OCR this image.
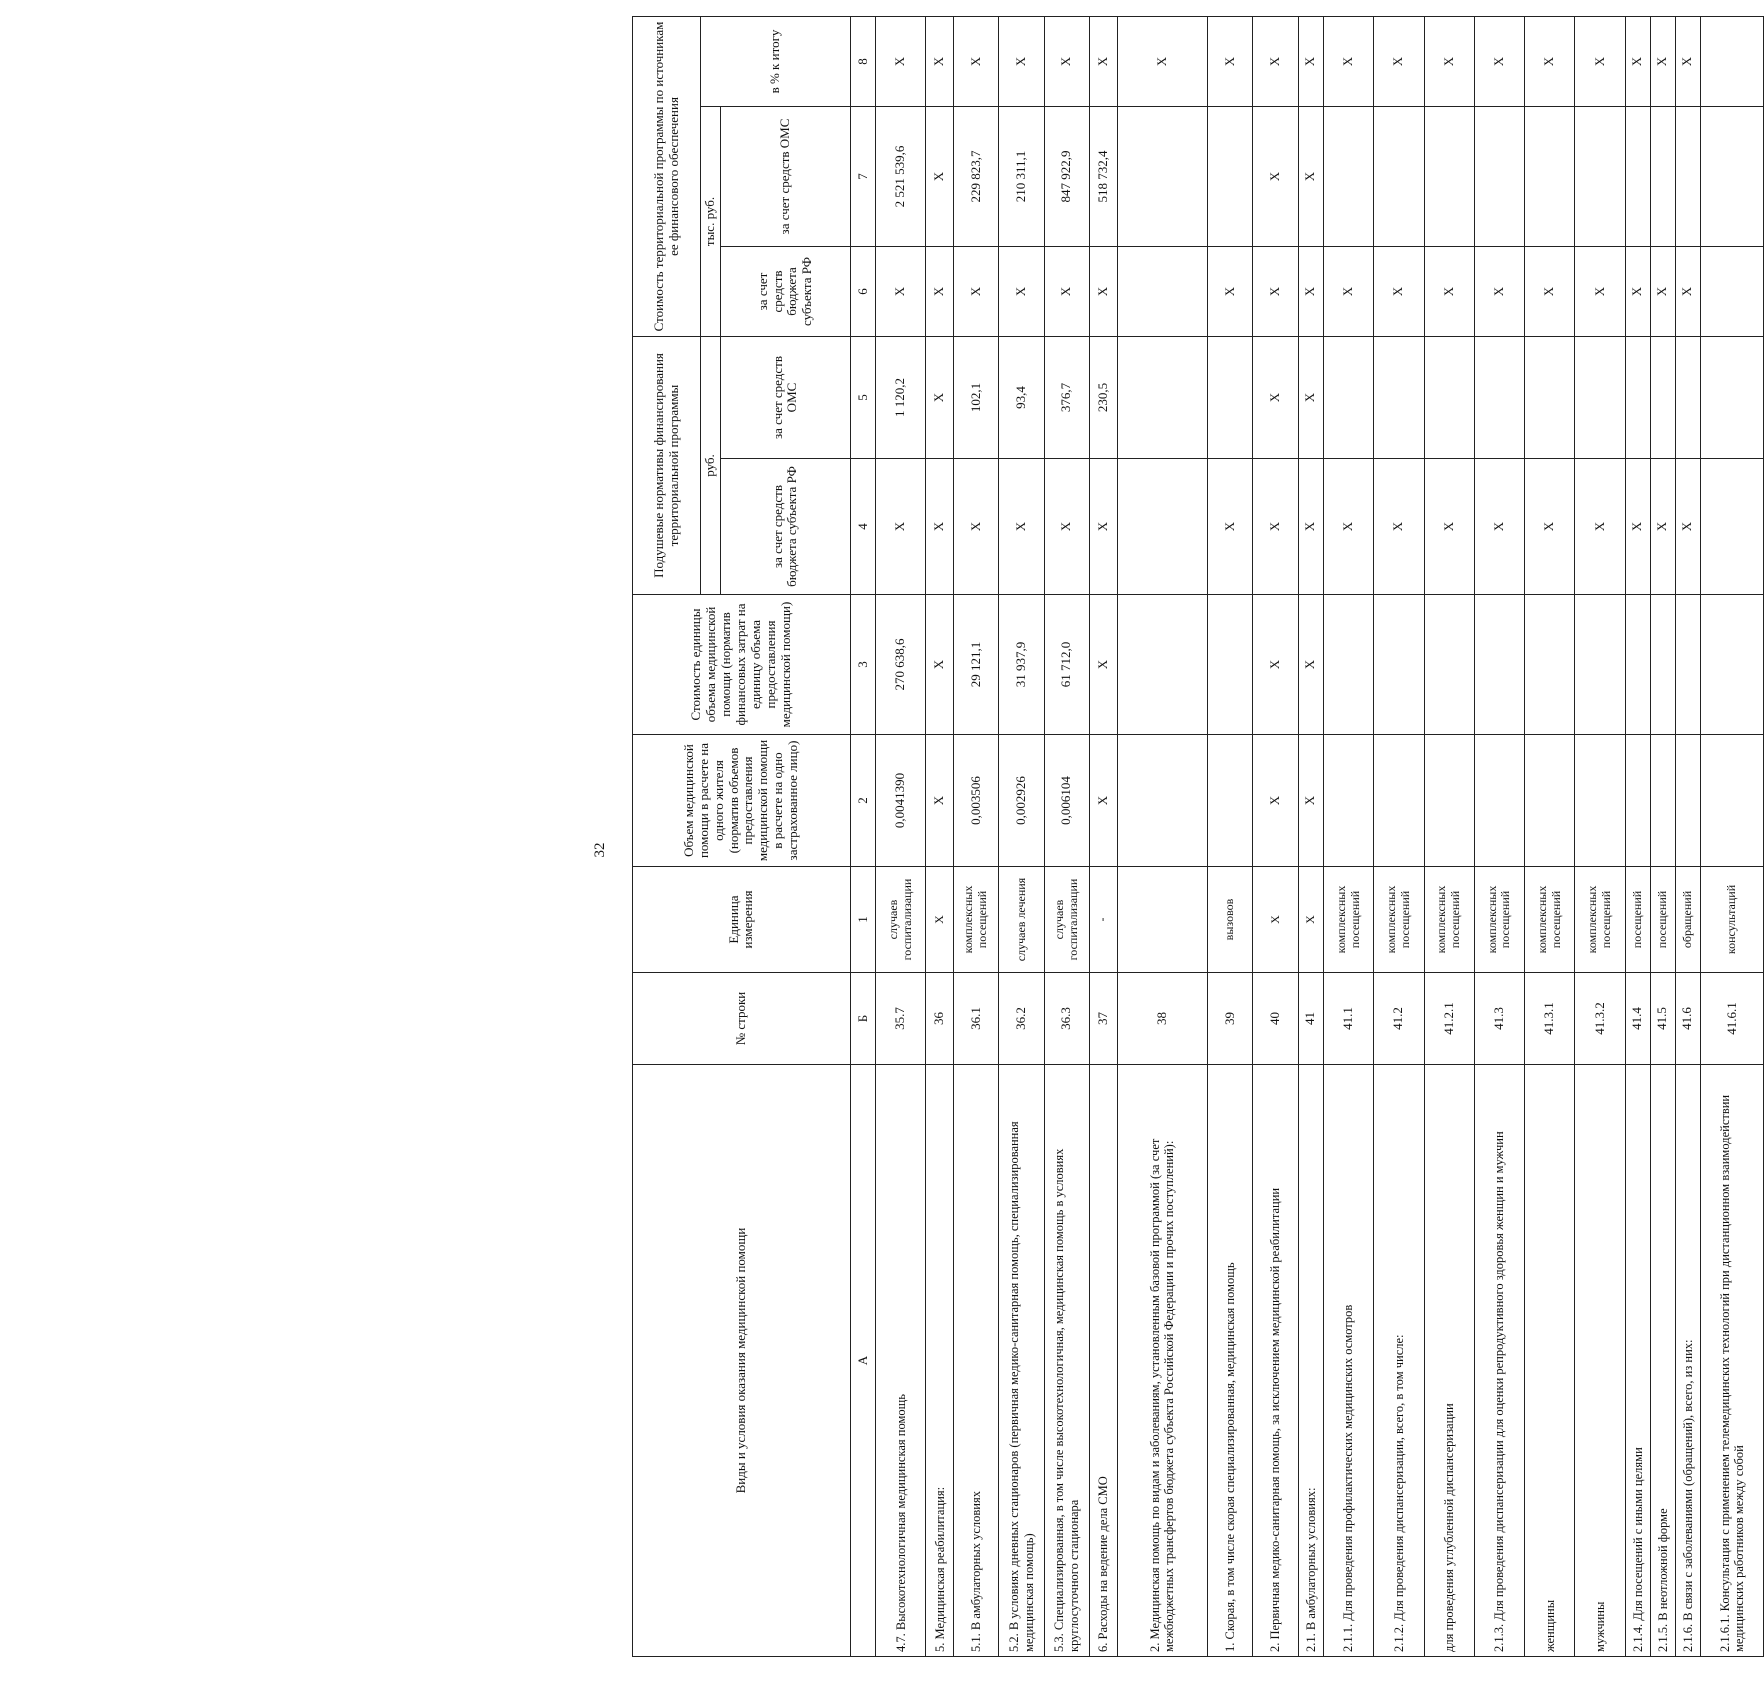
32
Виды и условия оказания медицинской помощи	№ строки	Единица измерения	Объем медицинской помощи в расчете на одного жителя (норматив объемов предоставления медицинской помощи в расчете на одно застрахованное лицо)	Стоимость единицы объема медицинской помощи (норматив финансовых затрат на единицу объема предоставления медицинской помощи)	Подушевые нормативы финансирования территориальной программы		Стоимость территориальной программы по источникам ее финансового обеспечения		
					руб.		тыс. руб.		в % к итогу
					за счет средств бюджета субъекта РФ	за счет средств ОМС	за счет средств бюджета субъекта РФ	за счет средств ОМС	
А	Б	1	2	3	4	5	6	7	8
4.7. Высокотехнологичная медицинская помощь	35.7	случаев госпитализации	0,0041390	270 638,6	Х	1 120,2	Х	2 521 539,6	Х
5. Медицинская реабилитация:	36	Х	Х	Х	Х	Х	Х	Х	Х
5.1. В амбулаторных условиях	36.1	комплексных посещений	0,003506	29 121,1	Х	102,1	Х	229 823,7	Х
5.2. В условиях дневных стационаров (первичная медико-санитарная помощь, специализированная медицинская помощь)	36.2	случаев лечения	0,002926	31 937,9	Х	93,4	Х	210 311,1	Х
5.3. Специализированная, в том числе высокотехнологичная, медицинская помощь в условиях круглосуточного стационара	36.3	случаев госпитализации	0,006104	61 712,0	Х	376,7	Х	847 922,9	Х
6. Расходы на ведение дела СМО	37	-	Х	Х	Х	230,5	Х	518 732,4	Х
2. Медицинская помощь по видам и заболеваниям, установленным базовой программой (за счет межбюджетных трансфертов бюджета субъекта Российской Федерации и прочих поступлений):	38								Х
1. Скорая, в том числе скорая специализированная, медицинская помощь	39	вызовов			Х		Х		Х
2. Первичная медико-санитарная помощь, за исключением медицинской реабилитации	40	Х	Х	Х	Х	Х	Х	Х	Х
2.1. В амбулаторных условиях:	41	Х	Х	Х	Х	Х	Х	Х	Х
2.1.1. Для проведения профилактических медицинских осмотров	41.1	комплексных посещений			Х		Х		Х
2.1.2. Для проведения диспансеризации, всего, в том числе:	41.2	комплексных посещений			Х		Х		Х
для проведения углубленной диспансеризации	41.2.1	комплексных посещений			Х		Х		Х
2.1.3. Для проведения диспансеризации для оценки репродуктивного здоровья женщин и мужчин	41.3	комплексных посещений			Х		Х		Х
женщины	41.3.1	комплексных посещений			Х		Х		Х
мужчины	41.3.2	комплексных посещений			Х		Х		Х
2.1.4. Для посещений с иными целями	41.4	посещений			Х		Х		Х
2.1.5. В неотложной форме	41.5	посещений			Х		Х		Х
2.1.6. В связи с заболеваниями (обращений), всего, из них:	41.6	обращений			Х		Х		Х
2.1.6.1. Консультация с применением телемедицинских технологий при дистанционном взаимодействии медицинских работников между собой	41.6.1	консультаций							
